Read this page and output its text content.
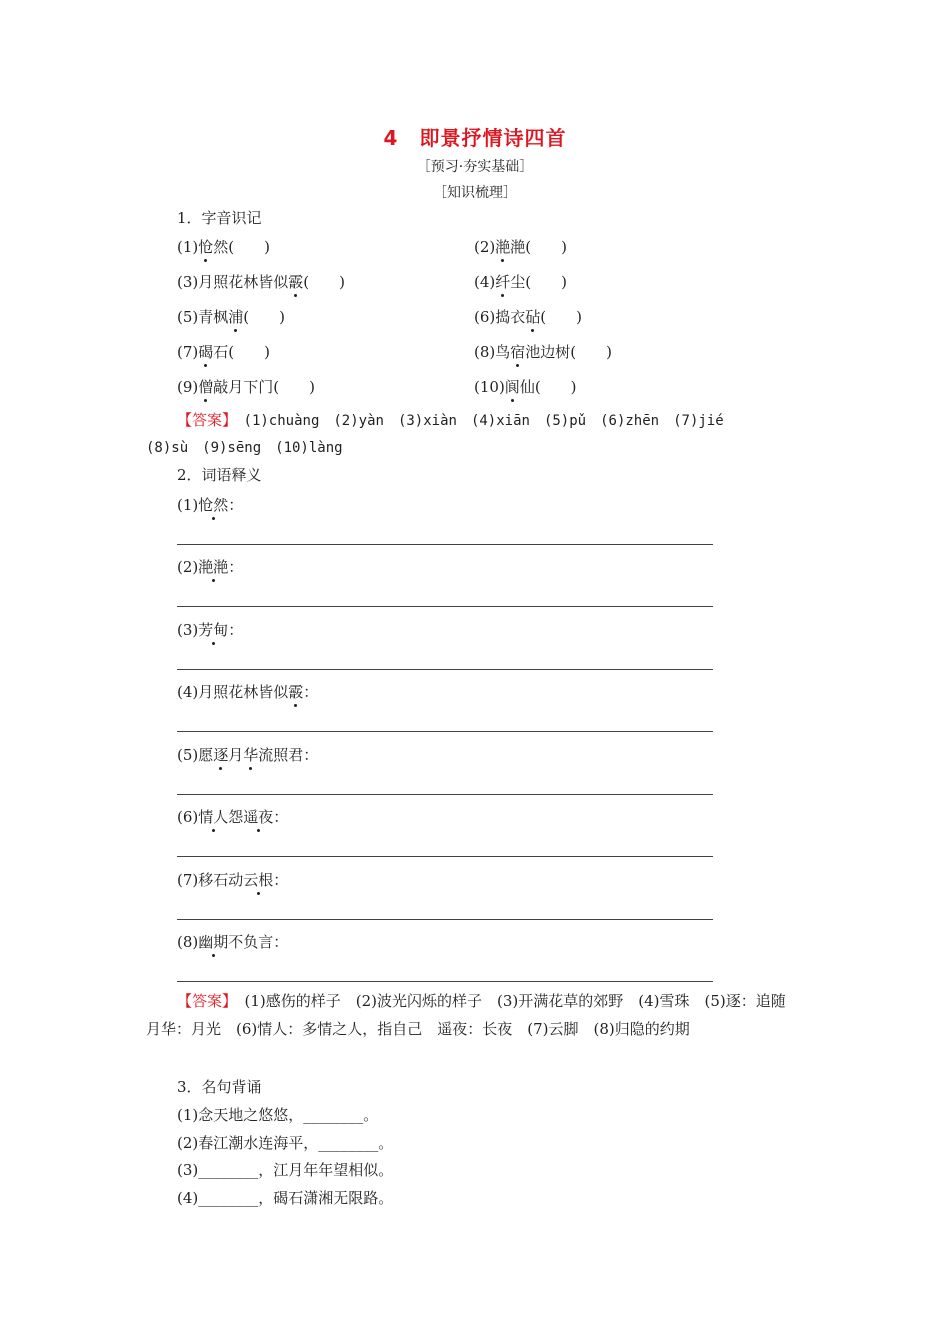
4　即景抒情诗四首
［预习·夯实基础］
［知识梳理］
1．字音识记
(1)怆然(　　)	(2)滟滟(　　)
(3)月照花林皆似霰(　　)	(4)纤尘(　　)
(5)青枫浦(　　)	(6)捣衣砧(　　)
(7)碣石(　　)	(8)鸟宿池边树(　　)
(9)僧敲月下门(　　)	(10)阆仙(　　)
【答案】　(1)chuàng　(2)yàn　(3)xiàn　(4)xiān　(5)pǔ　(6)zhēn　(7)jié
(8)sù　(9)sēng　(10)làng
2．词语释义
(1)怆然：
(2)滟滟：
(3)芳甸：
(4)月照花林皆似霰：
(5)愿逐月华流照君：
(6)情人怨遥夜：
(7)移石动云根：
(8)幽期不负言：
【答案】　(1)感伤的样子　(2)波光闪烁的样子　(3)开满花草的郊野　(4)雪珠　(5)逐：追随　月华：月光　(6)情人：多情之人，指自己　遥夜：长夜　(7)云脚　(8)归隐的约期
3．名句背诵
(1)念天地之悠悠，________。
(2)春江潮水连海平，________。
(3)________，江月年年望相似。
(4)________，碣石潇湘无限路。
